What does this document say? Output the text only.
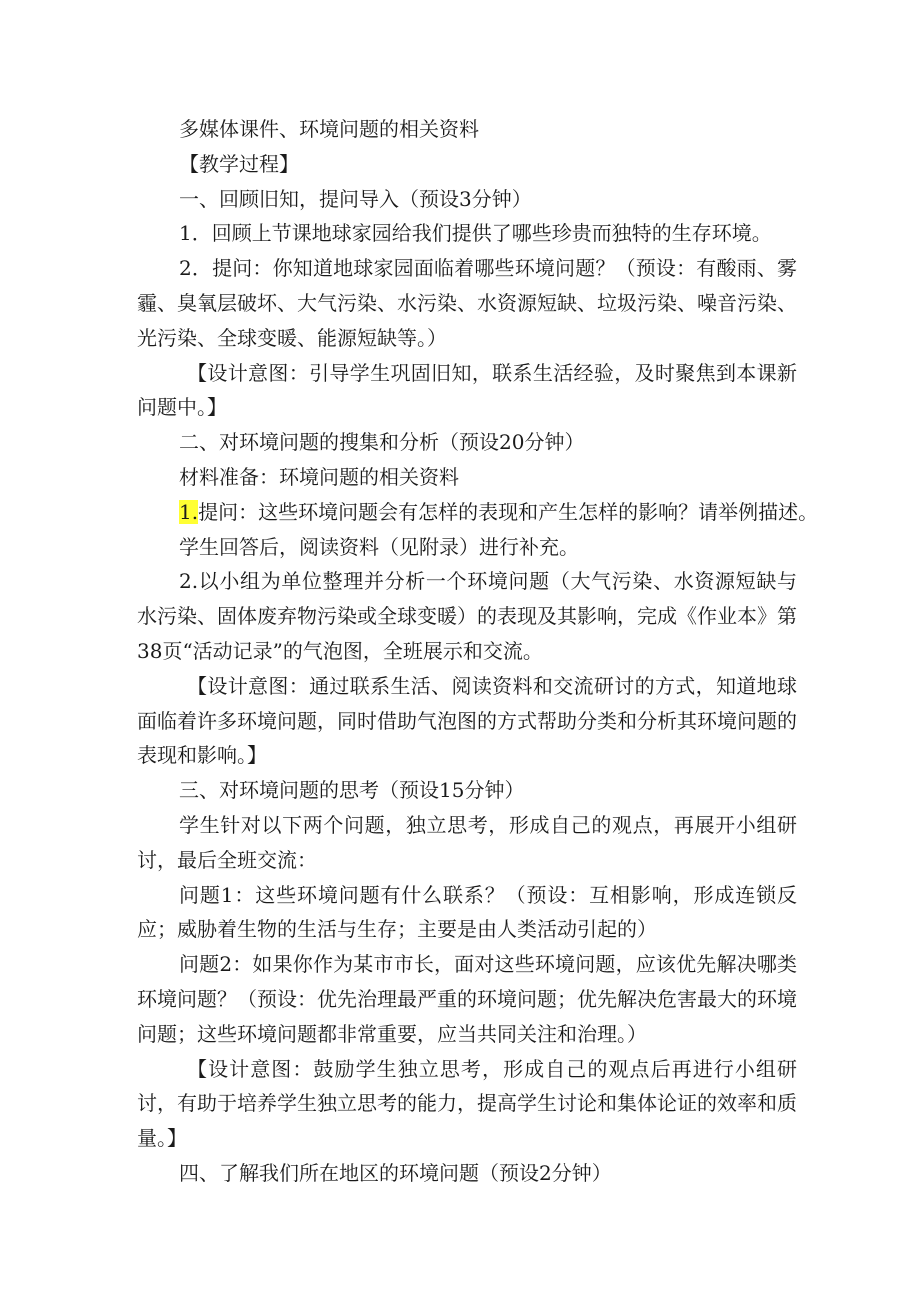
多媒体课件、环境问题的相关资料

【教学过程】

一、回顾旧知，提问导入（预设3分钟）

1．回顾上节课地球家园给我们提供了哪些珍贵而独特的生存环境。

2．提问：你知道地球家园面临着哪些环境问题？（预设：有酸雨、雾霾、臭氧层破坏、大气污染、水污染、水资源短缺、垃圾污染、噪音污染、光污染、全球变暖、能源短缺等。）

【设计意图：引导学生巩固旧知，联系生活经验，及时聚焦到本课新问题中。】

二、对环境问题的搜集和分析（预设20分钟）

材料准备：环境问题的相关资料

1.提问：这些环境问题会有怎样的表现和产生怎样的影响？请举例描述。

学生回答后，阅读资料（见附录）进行补充。

2.以小组为单位整理并分析一个环境问题（大气污染、水资源短缺与水污染、固体废弃物污染或全球变暖）的表现及其影响，完成《作业本》第38页“活动记录”的气泡图，全班展示和交流。

【设计意图：通过联系生活、阅读资料和交流研讨的方式，知道地球面临着许多环境问题，同时借助气泡图的方式帮助分类和分析其环境问题的表现和影响。】

三、对环境问题的思考（预设15分钟）

学生针对以下两个问题，独立思考，形成自己的观点，再展开小组研讨，最后全班交流：

问题1：这些环境问题有什么联系？（预设：互相影响，形成连锁反应；威胁着生物的生活与生存；主要是由人类活动引起的）

问题2：如果你作为某市市长，面对这些环境问题，应该优先解决哪类环境问题？（预设：优先治理最严重的环境问题；优先解决危害最大的环境问题；这些环境问题都非常重要，应当共同关注和治理。）

【设计意图：鼓励学生独立思考，形成自己的观点后再进行小组研讨，有助于培养学生独立思考的能力，提高学生讨论和集体论证的效率和质量。】

四、了解我们所在地区的环境问题（预设2分钟）
